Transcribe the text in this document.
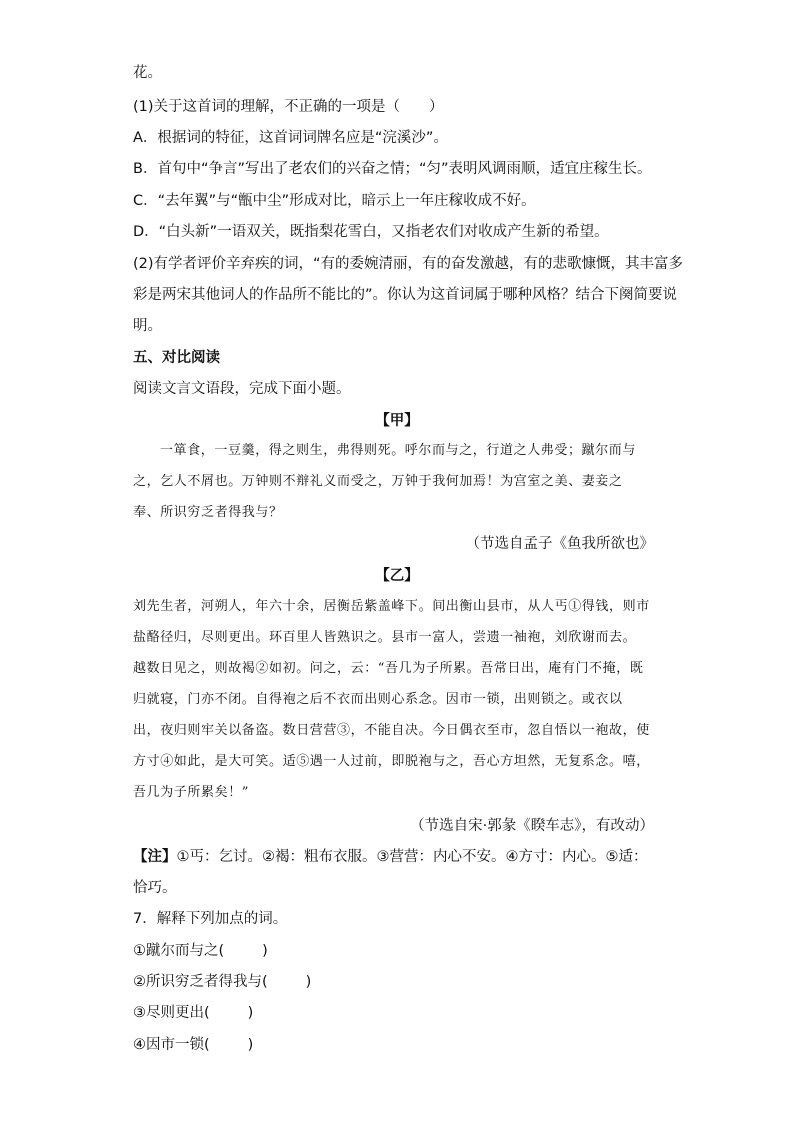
花。
(1)关于这首词的理解，不正确的一项是（　　）
A．根据词的特征，这首词词牌名应是“浣溪沙”。
B．首句中“争言”写出了老农们的兴奋之情；“匀”表明风调雨顺，适宜庄稼生长。
C．“去年翼”与“甑中尘”形成对比，暗示上一年庄稼收成不好。
D．“白头新”一语双关，既指梨花雪白，又指老农们对收成产生新的希望。
(2)有学者评价辛弃疾的词，“有的委婉清丽，有的奋发激越，有的悲歌慷慨，其丰富多
彩是两宋其他词人的作品所不能比的”。你认为这首词属于哪种风格？结合下阕简要说
明。
五、对比阅读
阅读文言文语段，完成下面小题。
【甲】
一箪食，一豆羹，得之则生，弗得则死。呼尔而与之，行道之人弗受；蹴尔而与
之，乞人不屑也。万钟则不辩礼义而受之，万钟于我何加焉！为宫室之美、妻妾之
奉、所识穷乏者得我与？
（节选自孟子《鱼我所欲也》
【乙】
刘先生者，河朔人，年六十余，居衡岳紫盖峰下。间出衡山县市，从人丐①得钱，则市
盐酪径归，尽则更出。环百里人皆熟识之。县市一富人，尝遗一袖袍，刘欣谢而去。
越数日见之，则故褐②如初。问之，云：“吾几为子所累。吾常日出，庵有门不掩，既
归就寝，门亦不闭。自得袍之后不衣而出则心系念。因市一锁，出则锁之。或衣以
出，夜归则牢关以备盗。数日营营③，不能自决。今日偶衣至市，忽自悟以一袍故，使
方寸④如此，是大可笑。适⑤遇一人过前，即脱袍与之，吾心方坦然，无复系念。嘻，
吾几为子所累矣！”
（节选自宋·郭彖《睽车志》，有改动）
【注】①丐：乞讨。②褐：粗布衣服。③营营：内心不安。④方寸：内心。⑤适：
恰巧。
7．解释下列加点的词。
①蹴尔而与之(	)
②所识穷乏者得我与(	)
③尽则更出(	)
④因市一锁(	)
